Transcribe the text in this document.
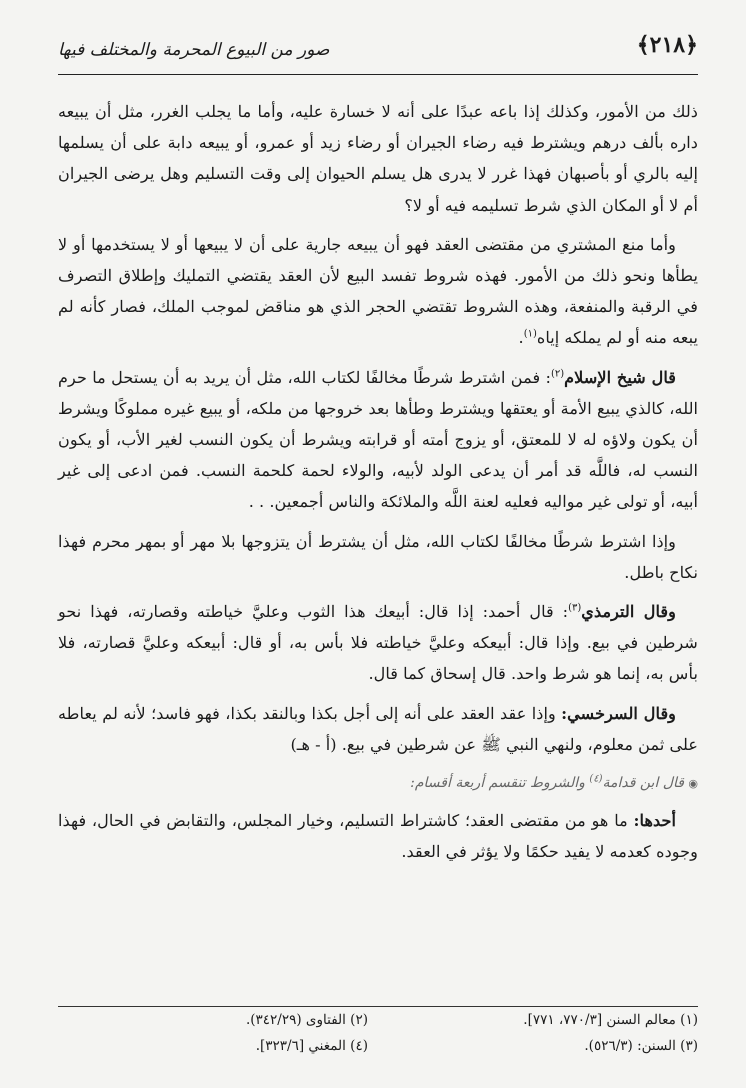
﴿٢١٨﴾
صور من البيوع المحرمة والمختلف فيها

ذلك من الأمور، وكذلك إذا باعه عبدًا على أنه لا خسارة عليه، وأما ما يجلب الغرر، مثل أن يبيعه داره بألف درهم ويشترط فيه رضاء الجيران أو رضاء زيد أو عمرو، أو يبيعه دابة على أن يسلمها إليه بالري أو بأصبهان فهذا غرر لا يدرى هل يسلم الحيوان إلى وقت التسليم وهل يرضى الجيران أم لا أو المكان الذي شرط تسليمه فيه أو لا؟

وأما منع المشتري من مقتضى العقد فهو أن يبيعه جارية على أن لا يبيعها أو لا يستخدمها أو لا يطأها ونحو ذلك من الأمور. فهذه شروط تفسد البيع لأن العقد يقتضي التمليك وإطلاق التصرف في الرقبة والمنفعة، وهذه الشروط تقتضي الحجر الذي هو مناقض لموجب الملك، فصار كأنه لم يبعه منه أو لم يملكه إياه$^{(١)}$.

قال شيخ الإسلام$^{(٢)}$: فمن اشترط شرطًا مخالفًا لكتاب الله، مثل أن يريد به أن يستحل ما حرم الله، كالذي يبيع الأمة أو يعتقها ويشترط وطأها بعد خروجها من ملكه، أو يبيع غيره مملوكًا ويشرط أن يكون ولاؤه له لا للمعتق، أو يزوج أمته أو قرابته ويشرط أن يكون النسب لغير الأب، أو يكون النسب له، فاللَّه قد أمر أن يدعى الولد لأبيه، والولاء لحمة كلحمة النسب. فمن ادعى إلى غير أبيه، أو تولى غير مواليه فعليه لعنة اللَّه والملائكة والناس أجمعين. . .

وإذا اشترط شرطًا مخالفًا لكتاب الله، مثل أن يشترط أن يتزوجها بلا مهر أو بمهر محرم فهذا نكاح باطل.

وقال الترمذي$^{(٣)}$: قال أحمد: إذا قال: أبيعك هذا الثوب وعليَّ خياطته وقصارته، فهذا نحو شرطين في بيع. وإذا قال: أبيعكه وعليَّ خياطته فلا بأس به، أو قال: أبيعكه وعليَّ قصارته، فلا بأس به، إنما هو شرط واحد. قال إسحاق كما قال.

وقال السرخسي: وإذا عقد العقد على أنه إلى أجل بكذا وبالنقد بكذا، فهو فاسد؛ لأنه لم يعاطه على ثمن معلوم، ولنهي النبي ﷺ عن شرطين في بيع. (أ - هـ)

◉ قال ابن قدامة$^{(٤)}$ والشروط تنقسم أربعة أقسام:

أحدها: ما هو من مقتضى العقد؛ كاشتراط التسليم، وخيار المجلس، والتقابض في الحال، فهذا وجوده كعدمه لا يفيد حكمًا ولا يؤثر في العقد.

(١) معالم السنن [٧٧٠/٣، ٧٧١].
(٢) الفتاوى (٣٤٢/٢٩).
(٣) السنن: (٥٢٦/٣).
(٤) المغني [٣٢٣/٦].
